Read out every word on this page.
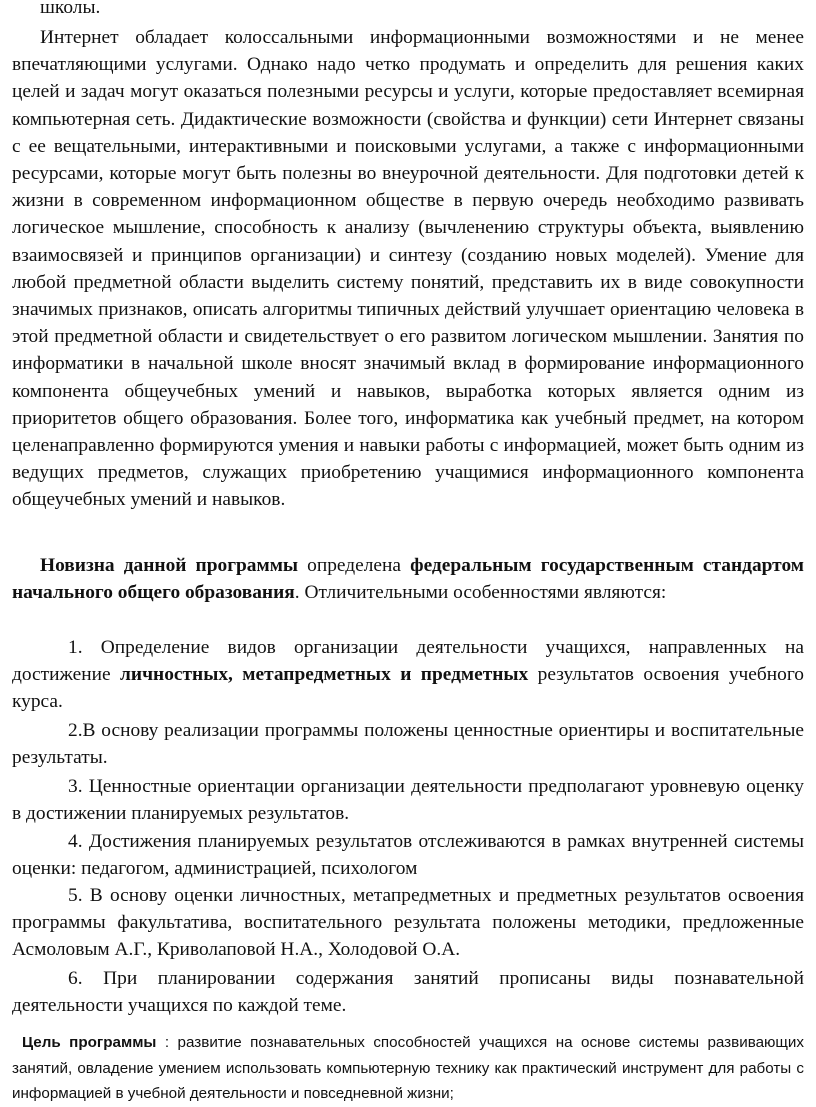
школы.

Интернет обладает колоссальными информационными возможностями и не менее впечатляющими услугами. Однако надо четко продумать и определить для решения каких целей и задач могут оказаться полезными ресурсы и услуги, которые предоставляет всемирная компьютерная сеть. Дидактические возможности (свойства и функции) сети Интернет связаны с ее вещательными, интерактивными и поисковыми услугами, а также с информационными ресурсами, которые могут быть полезны во внеурочной деятельности. Для подготовки детей к жизни в современном информационном обществе в первую очередь необходимо развивать логическое мышление, способность к анализу (вычленению структуры объекта, выявлению взаимосвязей и принципов организации) и синтезу (созданию новых моделей). Умение для любой предметной области выделить систему понятий, представить их в виде совокупности значимых признаков, описать алгоритмы типичных действий улучшает ориентацию человека в этой предметной области и свидетельствует о его развитом логическом мышлении. Занятия по информатики в начальной школе вносят значимый вклад в формирование информационного компонента общеучебных умений и навыков, выработка которых является одним из приоритетов общего образования. Более того, информатика как учебный предмет, на котором целенаправленно формируются умения и навыки работы с информацией, может быть одним из ведущих предметов, служащих приобретению учащимися информационного компонента общеучебных умений и навыков.

Новизна данной программы определена федеральным государственным стандартом начального общего образования. Отличительными особенностями являются:

1. Определение видов организации деятельности учащихся, направленных на достижение личностных, метапредметных и предметных результатов освоения учебного курса.

2.В основу реализации программы положены ценностные ориентиры и воспитательные результаты.

3. Ценностные ориентации организации деятельности предполагают уровневую оценку в достижении планируемых результатов.

4. Достижения планируемых результатов отслеживаются в рамках внутренней системы оценки: педагогом, администрацией, психологом

5. В основу оценки личностных, метапредметных и предметных результатов освоения программы факультатива, воспитательного результата положены методики, предложенные Асмоловым А.Г., Криволаповой Н.А., Холодовой О.А.

6. При планировании содержания занятий прописаны виды познавательной деятельности учащихся по каждой теме.

Цель программы : развитие познавательных способностей учащихся на основе системы развивающих занятий, овладение умением использовать компьютерную технику как практический инструмент для работы с информацией в учебной деятельности и повседневной жизни;
